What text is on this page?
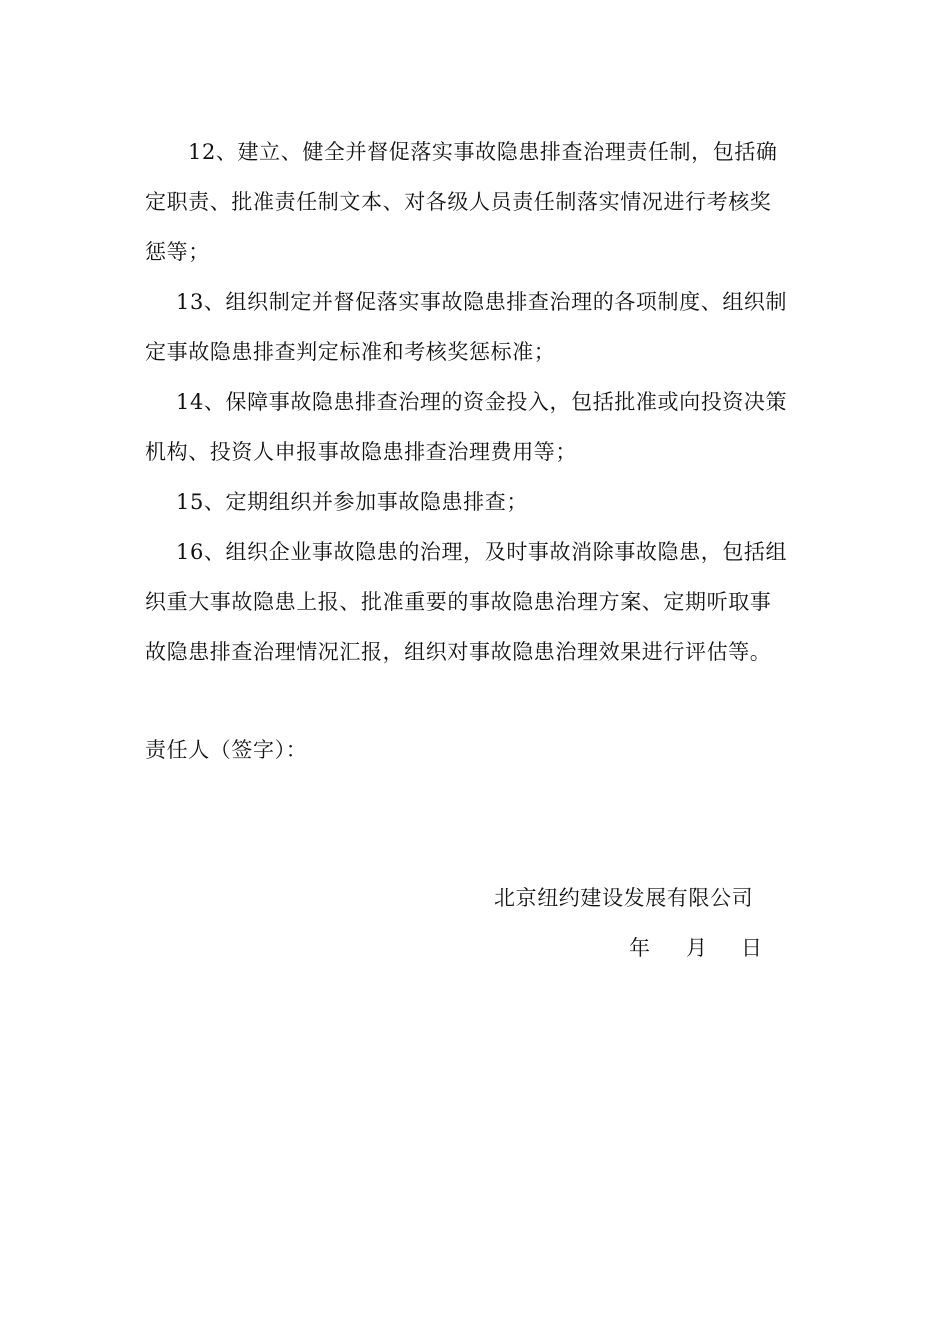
12、建立、健全并督促落实事故隐患排查治理责任制，包括确
定职责、批准责任制文本、对各级人员责任制落实情况进行考核奖
惩等；
13、组织制定并督促落实事故隐患排查治理的各项制度、组织制
定事故隐患排查判定标准和考核奖惩标准；
14、保障事故隐患排查治理的资金投入，包括批准或向投资决策
机构、投资人申报事故隐患排查治理费用等；
15、定期组织并参加事故隐患排查；
16、组织企业事故隐患的治理，及时事故消除事故隐患，包括组
织重大事故隐患上报、批准重要的事故隐患治理方案、定期听取事
故隐患排查治理情况汇报，组织对事故隐患治理效果进行评估等。
责任人（签字）：
北京纽约建设发展有限公司
年 月 日
